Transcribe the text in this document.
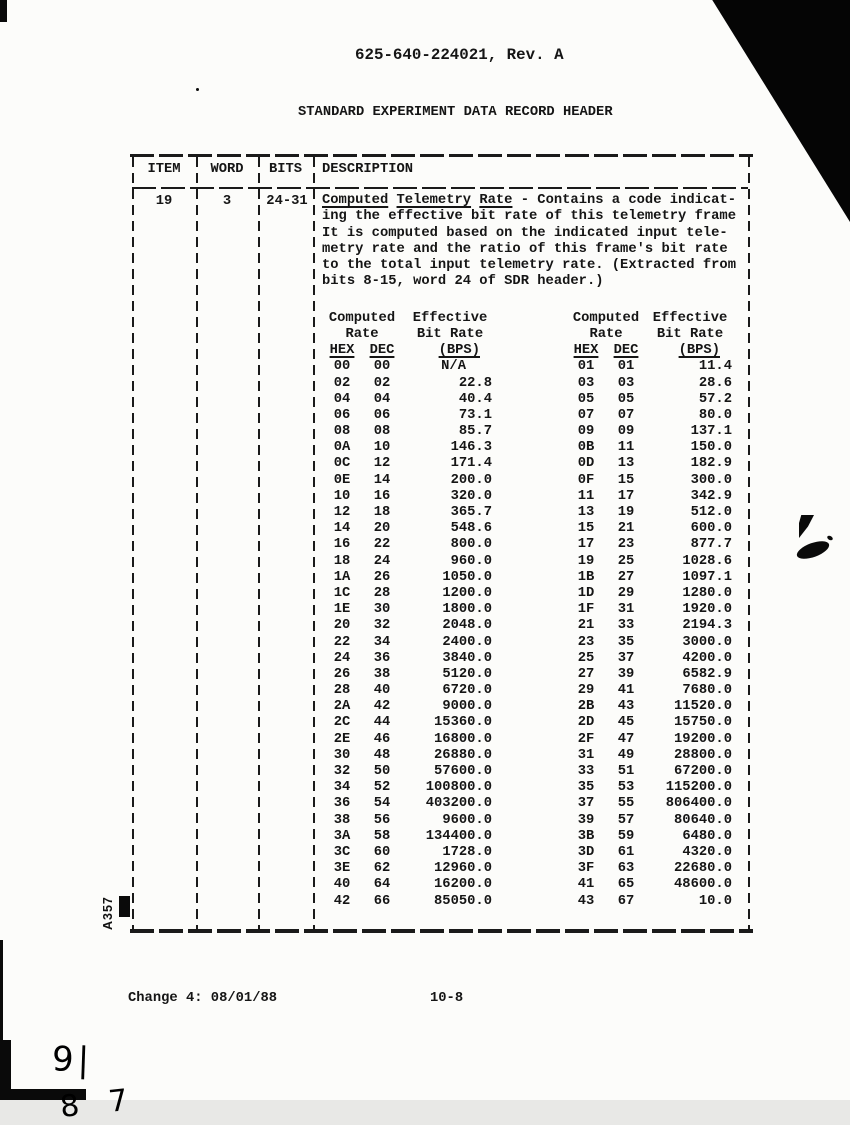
625-640-224021, Rev. A
STANDARD EXPERIMENT DATA RECORD HEADER
ITEM	WORD	BITS	DESCRIPTION
19	3	24-31	Computed Telemetry Rate - Contains a code indicat-
ing the effective bit rate of this telemetry frame
It is computed based on the indicated input tele-
metry rate and the ratio of this frame's bit rate
to the total input telemetry rate. (Extracted from
bits 8-15, word 24 of SDR header.)
Computed	Effective	Computed Effective
Rate	Bit Rate	Rate	Bit Rate
HEX	DEC	(BPS)	HEX	DEC	(BPS)
00	00	N/A	01	01	11.4
02	02	22.8	03	03	28.6
04	04	40.4	05	05	57.2
06	06	73.1	07	07	80.0
08	08	85.7	09	09	137.1
0A	10	146.3	0B	11	150.0
0C	12	171.4	0D	13	182.9
0E	14	200.0	0F	15	300.0
10	16	320.0	11	17	342.9
12	18	365.7	13	19	512.0
14	20	548.6	15	21	600.0
16	22	800.0	17	23	877.7
18	24	960.0	19	25	1028.6
1A	26	1050.0	1B	27	1097.1
1C	28	1200.0	1D	29	1280.0
1E	30	1800.0	1F	31	1920.0
20	32	2048.0	21	33	2194.3
22	34	2400.0	23	35	3000.0
24	36	3840.0	25	37	4200.0
26	38	5120.0	27	39	6582.9
28	40	6720.0	29	41	7680.0
2A	42	9000.0	2B	43	11520.0
2C	44	15360.0	2D	45	15750.0
2E	46	16800.0	2F	47	19200.0
30	48	26880.0	31	49	28800.0
32	50	57600.0	33	51	67200.0
34	52	100800.0	35	53	115200.0
36	54	403200.0	37	55	806400.0
38	56	9600.0	39	57	80640.0
3A	58	134400.0	3B	59	6480.0
3C	60	1728.0	3D	61	4320.0
3E	62	12960.0	3F	63	22680.0
40	64	16200.0	41	65	48600.0
42	66	85050.0	43	67	10.0
Change 4: 08/01/88	10-8
A357
9|
8 7
